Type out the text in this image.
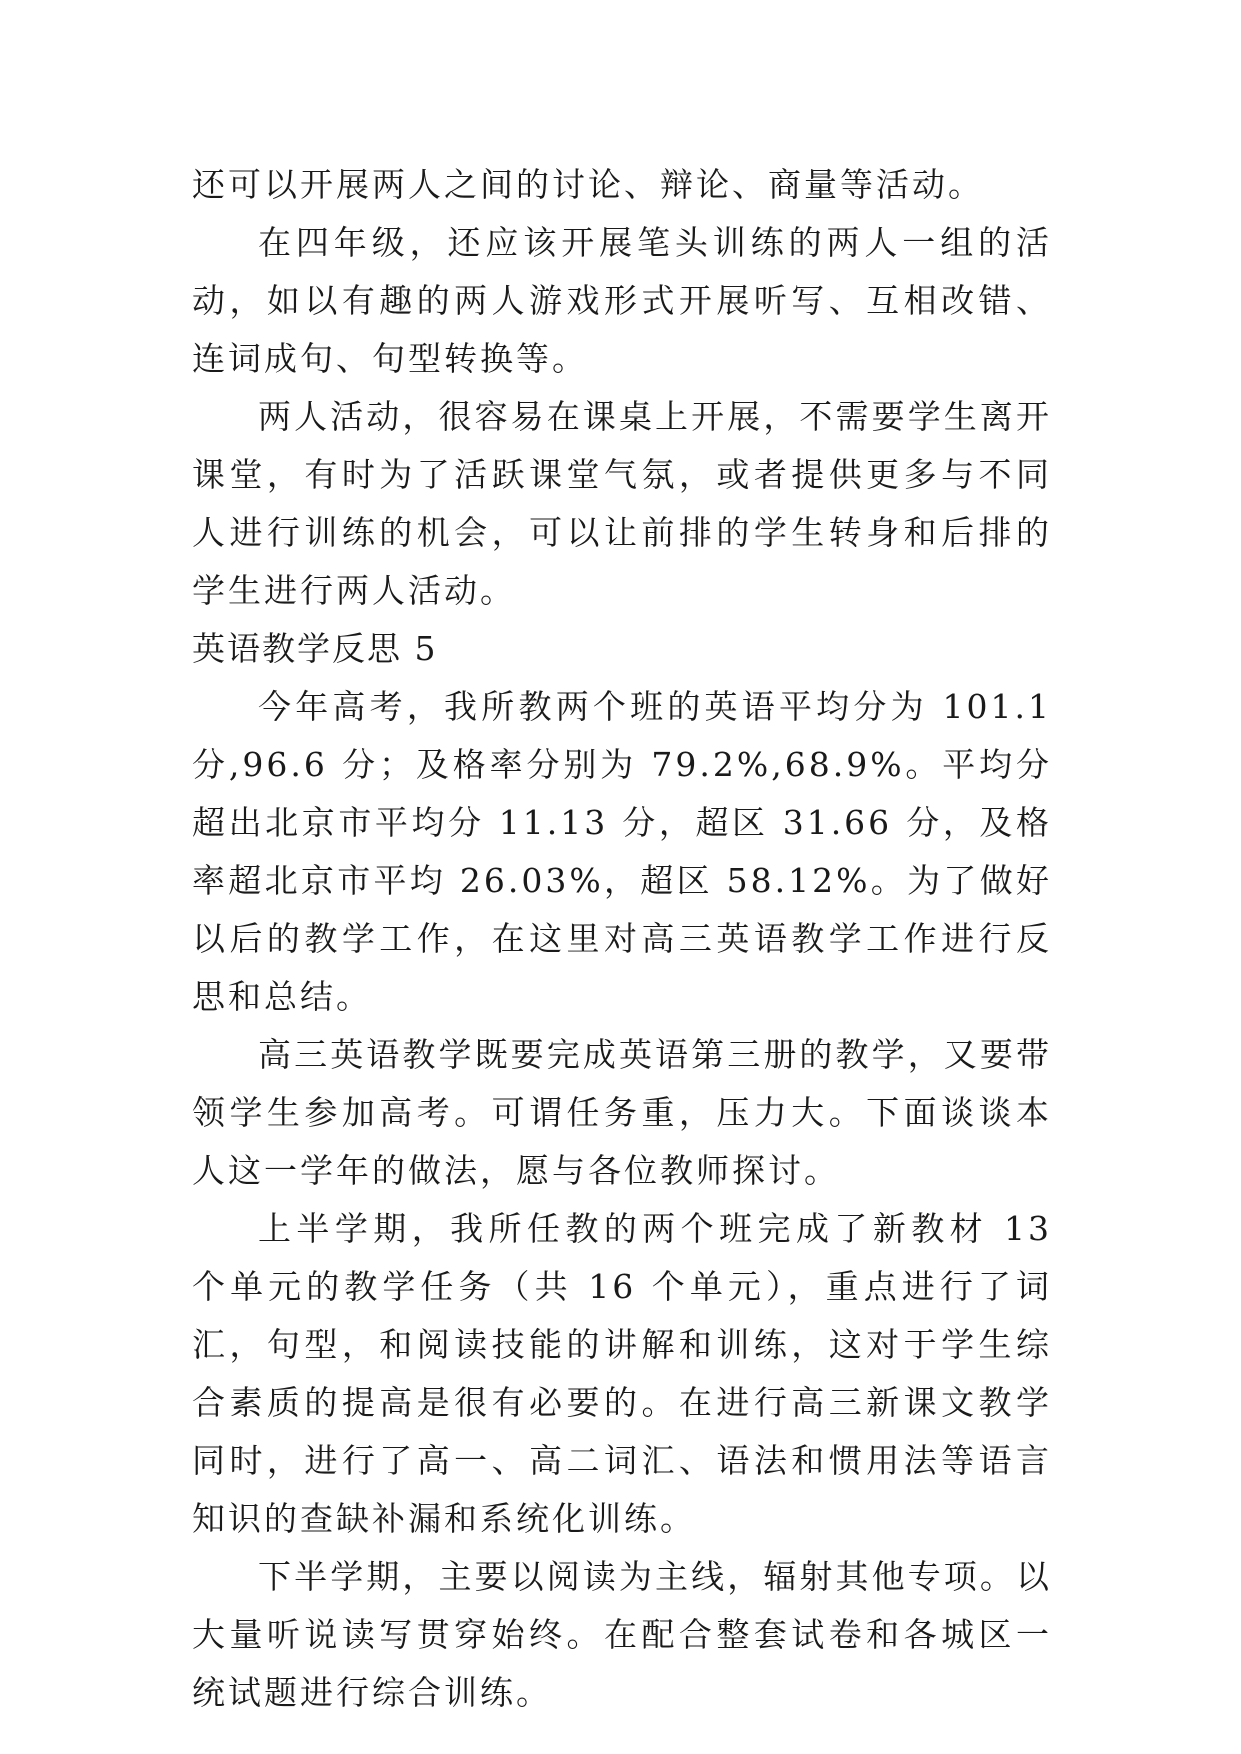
还可以开展两人之间的讨论、辩论、商量等活动。

在四年级，还应该开展笔头训练的两人一组的活动，如以有趣的两人游戏形式开展听写、互相改错、连词成句、句型转换等。

两人活动，很容易在课桌上开展，不需要学生离开课堂，有时为了活跃课堂气氛，或者提供更多与不同人进行训练的机会，可以让前排的学生转身和后排的学生进行两人活动。

英语教学反思 5

今年高考，我所教两个班的英语平均分为 101.1 分,96.6 分；及格率分别为 79.2%,68.9%。平均分超出北京市平均分 11.13 分，超区 31.66 分，及格率超北京市平均 26.03%，超区 58.12%。为了做好以后的教学工作，在这里对高三英语教学工作进行反思和总结。

高三英语教学既要完成英语第三册的教学，又要带领学生参加高考。可谓任务重，压力大。下面谈谈本人这一学年的做法，愿与各位教师探讨。

上半学期，我所任教的两个班完成了新教材 13 个单元的教学任务（共 16 个单元），重点进行了词汇，句型，和阅读技能的讲解和训练，这对于学生综合素质的提高是很有必要的。在进行高三新课文教学同时，进行了高一、高二词汇、语法和惯用法等语言知识的查缺补漏和系统化训练。

下半学期，主要以阅读为主线，辐射其他专项。以大量听说读写贯穿始终。在配合整套试卷和各城区一统试题进行综合训练。
